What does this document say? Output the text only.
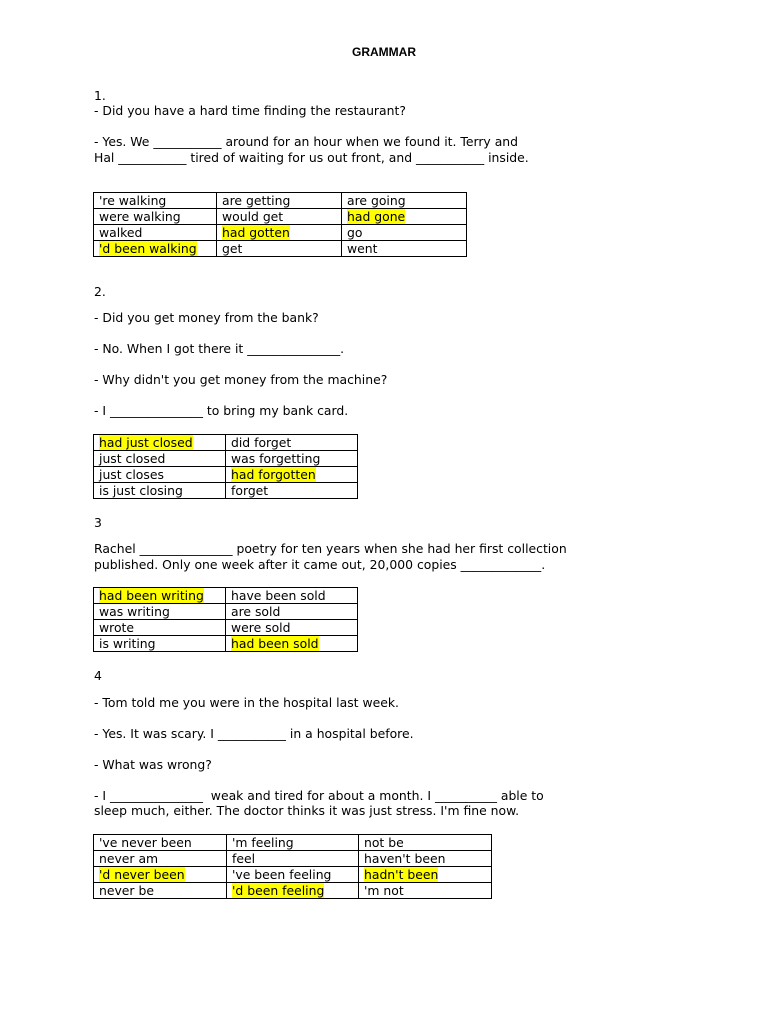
GRAMMAR
1.
- Did you have a hard time finding the restaurant?
- Yes. We ___________ around for an hour when we found it. Terry and
Hal ___________ tired of waiting for us out front, and ___________ inside.
're walking	are getting	are going
were walking	would get	had gone
walked	had gotten	go
'd been walking	get	went
2.
- Did you get money from the bank?
- No. When I got there it _______________.
- Why didn't you get money from the machine?
- I _______________ to bring my bank card.
had just closed	did forget
just closed	was forgetting
just closes	had forgotten
is just closing	forget
3
Rachel _______________ poetry for ten years when she had her first collection
published. Only one week after it came out, 20,000 copies _____________.
had been writing	have been sold
was writing	are sold
wrote	were sold
is writing	had been sold
4
- Tom told me you were in the hospital last week.
- Yes. It was scary. I ___________ in a hospital before.
- What was wrong?
- I _______________  weak and tired for about a month. I __________ able to
sleep much, either. The doctor thinks it was just stress. I'm fine now.
've never been	'm feeling	not be
never am	feel	haven't been
'd never been	've been feeling	hadn't been
never be	'd been feeling	'm not
